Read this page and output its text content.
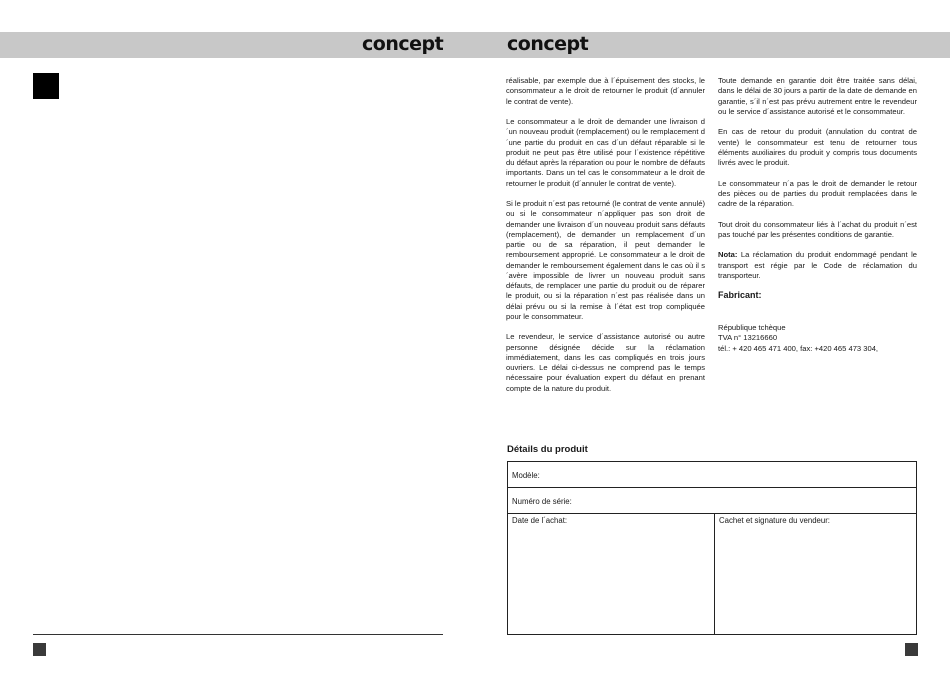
concept	concept

réalisable, par exemple due à l´épuisement des stocks, le consommateur a le droit de retourner le produit (d´annuler le contrat de vente).

Le consommateur a le droit de demander une livraison d´un nouveau produit (remplacement) ou le remplacement d´une partie du produit en cas d´un défaut réparable si le produit ne peut pas être utilisé pour l´existence répétitive du défaut après la réparation ou pour le nombre de défauts importants. Dans un tel cas le consommateur a le droit de retourner le produit (d´annuler le contrat de vente).

Si le produit n´est pas retourné (le contrat de vente annulé) ou si le consommateur n´appliquer pas son droit de demander une livraison d´un nouveau produit sans défauts (remplacement), de demander un remplacement d´un partie ou de sa réparation, il peut demander le remboursement approprié. Le consommateur a le droit de demander le remboursement également dans le cas où il s´avère impossible de livrer un nouveau produit sans défauts, de remplacer une partie du produit ou de réparer le produit, ou si la réparation n´est pas réalisée dans un délai prévu ou si la remise à l´état est trop compliquée pour le consommateur.

Le revendeur, le service d´assistance autorisé ou autre personne désignée décide sur la réclamation immédiatement, dans les cas compliqués en trois jours ouvriers. Le délai ci-dessus ne comprend pas le temps nécessaire pour évaluation expert du défaut en prenant compte de la nature du produit.

Toute demande en garantie doit être traitée sans délai, dans le délai de 30 jours a partir de la date de demande en garantie, s´il n´est pas prévu autrement entre le revendeur ou le service d´assistance autorisé et le consommateur.

En cas de retour du produit (annulation du contrat de vente) le consommateur est tenu de retourner tous éléments auxiliaires du produit y compris tous documents livrés avec le produit.

Le consommateur n´a pas le droit de demander le retour des pièces ou de parties du produit remplacées dans le cadre de la réparation.

Tout droit du consommateur liés à l´achat du produit n´est pas touché par les présentes conditions de garantie.

Nota: La réclamation du produit endommagé pendant le transport est régie par le Code de réclamation du transporteur.

Fabricant:
République tchèque
TVA n° 13216660
tél.: + 420 465 471 400, fax: +420 465 473 304,
Détails du produit
Modèle:
Numéro de série:
Date de l´achat:	Cachet et signature du vendeur:
